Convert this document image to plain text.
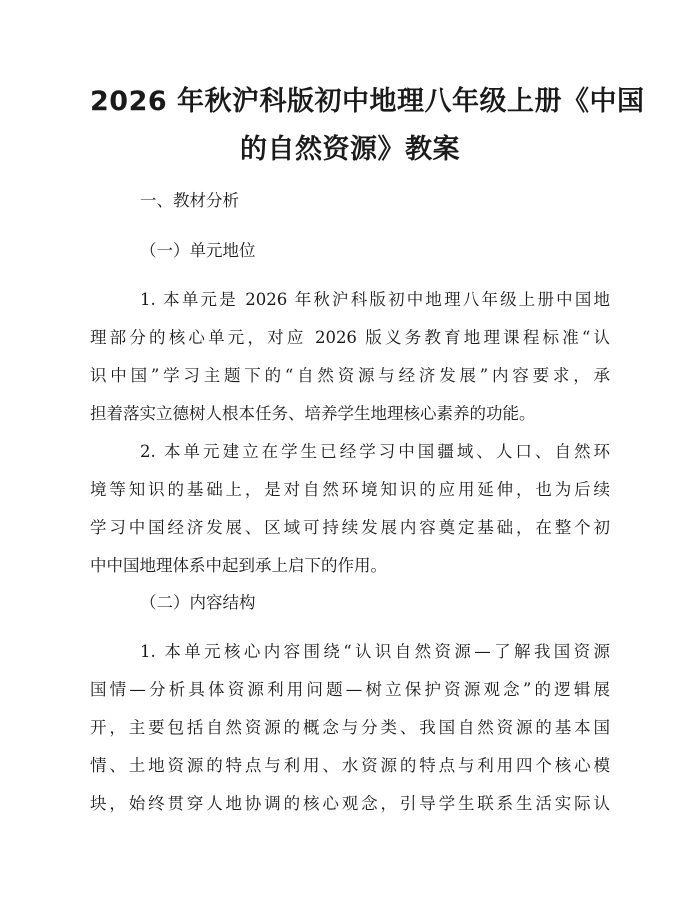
2026 年秋沪科版初中地理八年级上册《中国
的自然资源》教案

一、教材分析

（一）单元地位

1. 本单元是 2026 年秋沪科版初中地理八年级上册中国地
理部分的核心单元，对应 2026 版义务教育地理课程标准“认
识中国”学习主题下的“自然资源与经济发展”内容要求，承
担着落实立德树人根本任务、培养学生地理核心素养的功能。
2. 本单元建立在学生已经学习中国疆域、人口、自然环
境等知识的基础上，是对自然环境知识的应用延伸，也为后续
学习中国经济发展、区域可持续发展内容奠定基础，在整个初
中中国地理体系中起到承上启下的作用。

（二）内容结构

1. 本单元核心内容围绕“认识自然资源—了解我国资源
国情—分析具体资源利用问题—树立保护资源观念”的逻辑展
开，主要包括自然资源的概念与分类、我国自然资源的基本国
情、土地资源的特点与利用、水资源的特点与利用四个核心模
块，始终贯穿人地协调的核心观念，引导学生联系生活实际认
